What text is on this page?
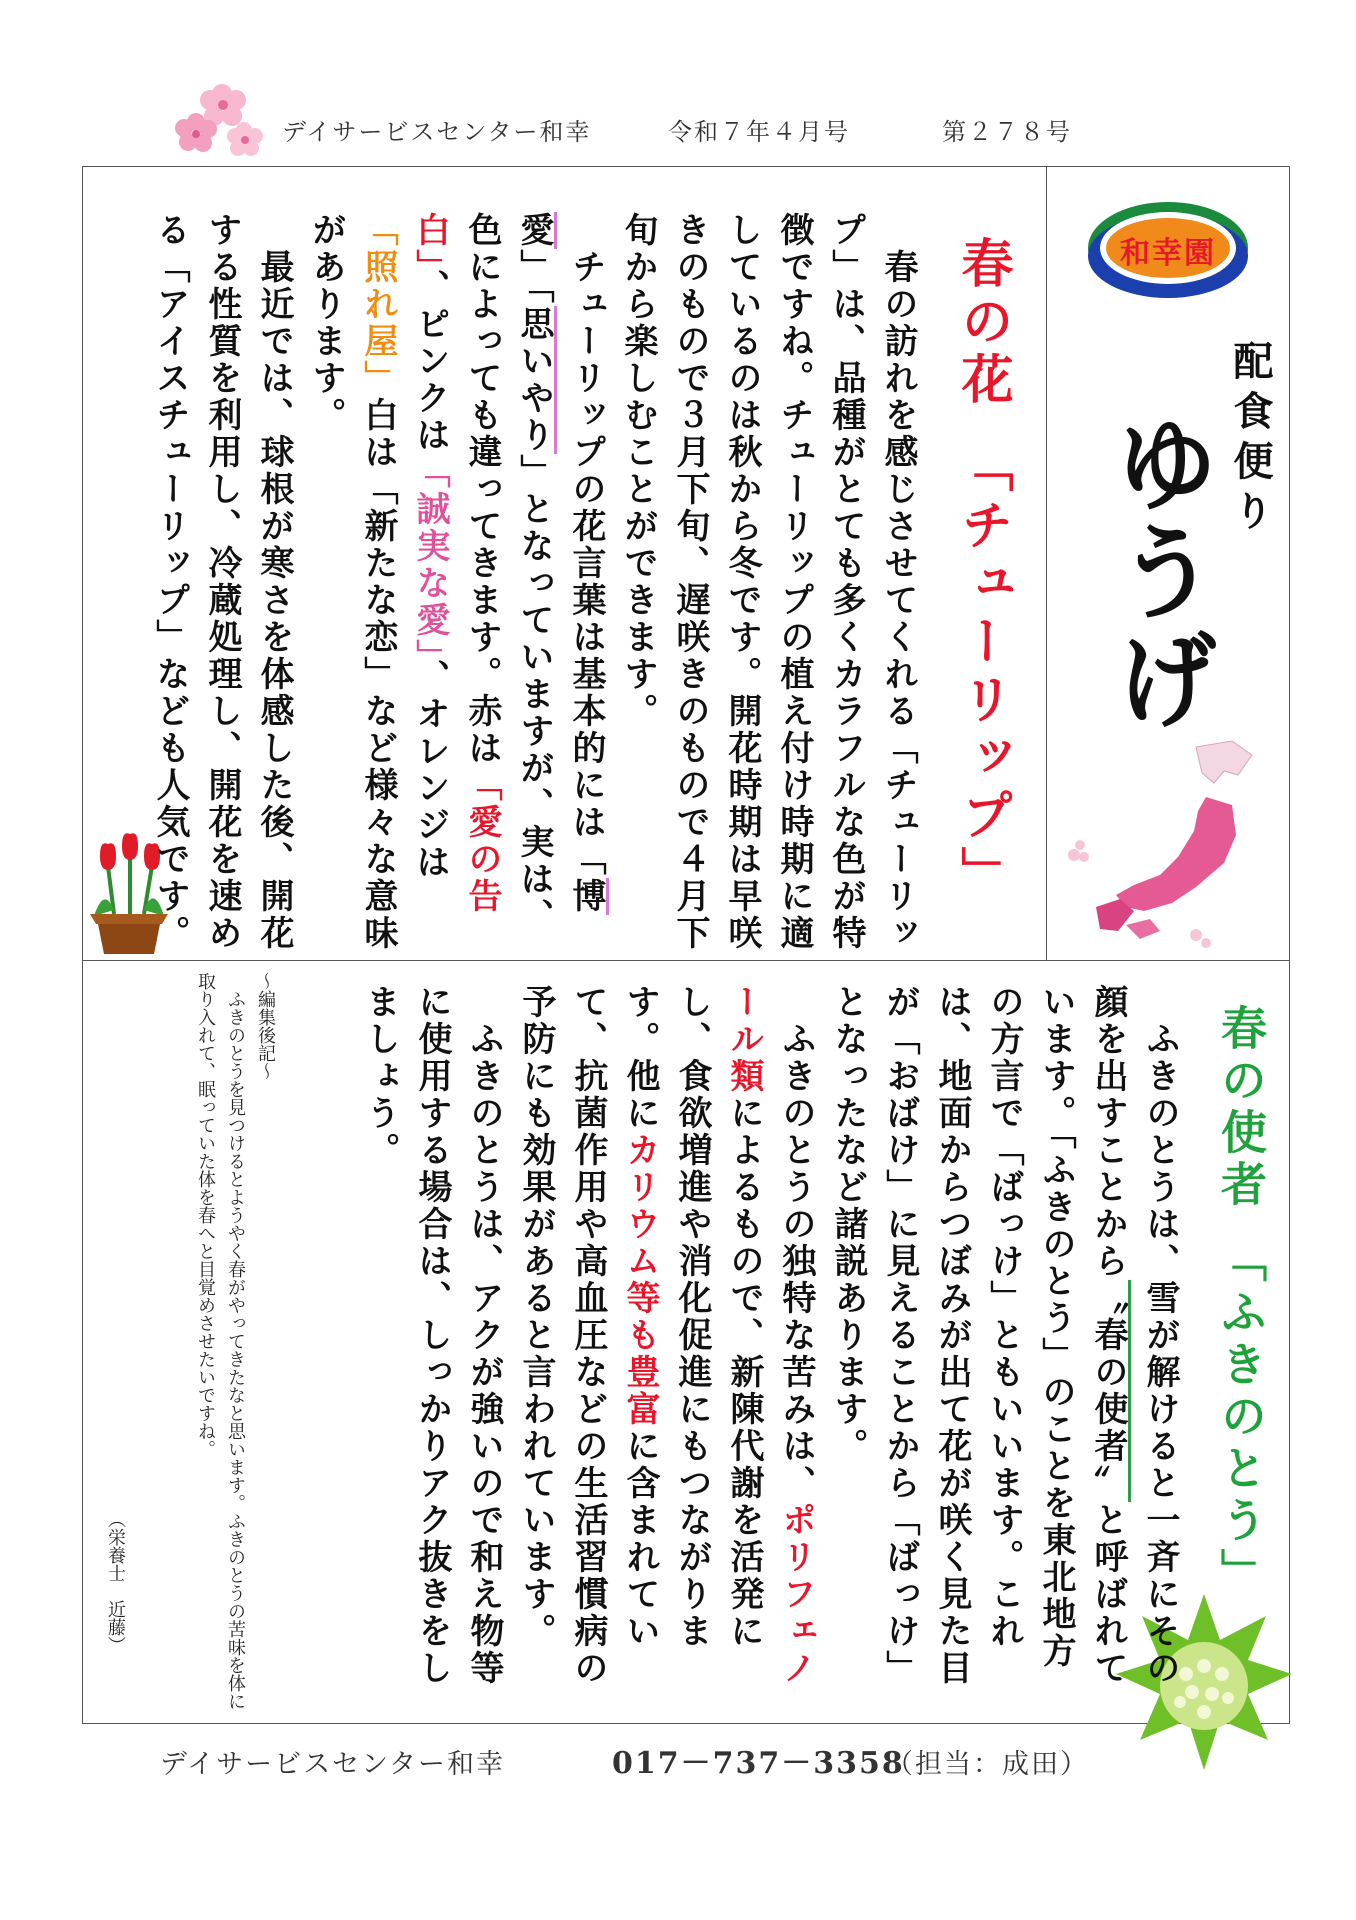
デイサービスセンター和幸	令和７年４月号	第２７８号
和幸園
配食便り
ゆうげ
春の花「チューリップ」

　春の訪れを感じさせてくれる「チューリップ」は、品種がとても多くカラフルな色が特徴ですね。チューリップの植え付け時期に適しているのは秋から冬です。開花時期は早咲きのもので３月下旬、遅咲きのもので４月下旬から楽しむことができます。

　チューリップの花言葉は基本的には「博愛」「思いやり」となっていますが、実は、色によっても違ってきます。赤は「愛の告白」、ピンクは「誠実な愛」、オレンジは「照れ屋」白は「新たな恋」など様々な意味があります。

　最近では、球根が寒さを体感した後、開花する性質を利用し、冷蔵処理し、開花を速める「アイスチューリップ」なども人気です。

春の使者「ふきのとう」

　ふきのとうは、雪が解けると一斉にその顔を出すことから〝春の使者〟と呼ばれています。「ふきのとう」のことを東北地方の方言で「ばっけ」ともいいます。これは、地面からつぼみが出て花が咲く見た目が「おばけ」に見えることから「ばっけ」となったなど諸説あります。

　ふきのとうの独特な苦みは、ポリフェノール類によるもので、新陳代謝を活発にし、食欲増進や消化促進にもつながります。他にカリウム等も豊富に含まれていて、抗菌作用や高血圧などの生活習慣病の予防にも効果があると言われています。

　ふきのとうは、アクが強いので和え物等に使用する場合は、しっかりアク抜きをしましょう。

～編集後記～

　ふきのとうを見つけるとようやく春がやってきたなと思います。ふきのとうの苦味を体に取り入れて、眠っていた体を春へと目覚めさせたいですね。

（栄養士　近藤）
デイサービスセンター和幸	017－737－3358
（担当：成田）
